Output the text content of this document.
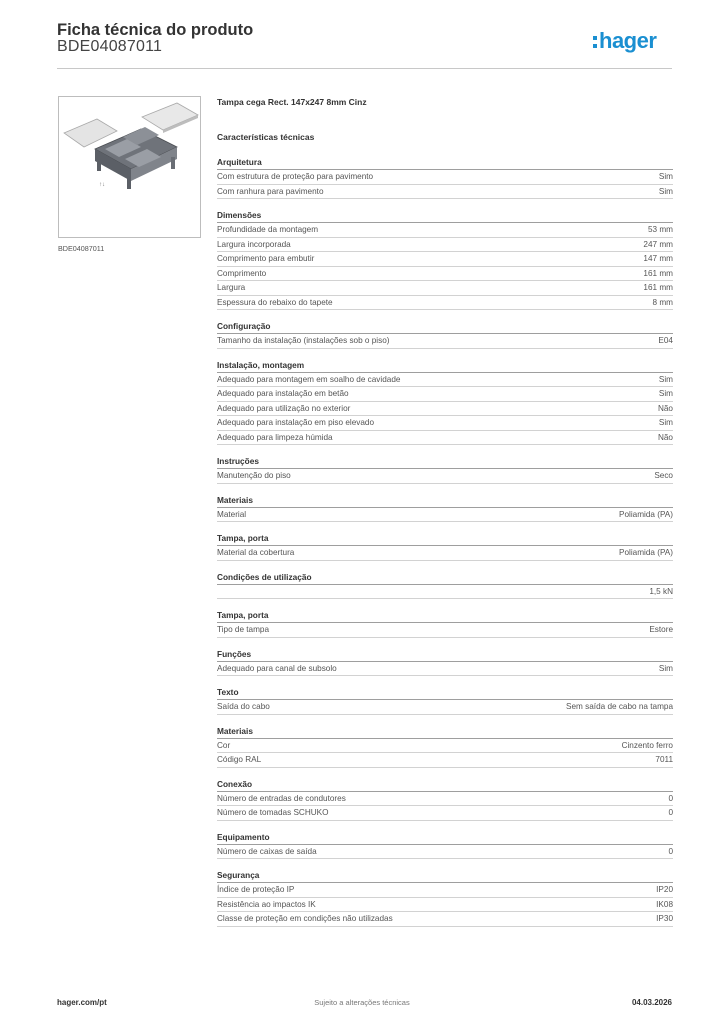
Ficha técnica do produto
BDE04087011	hager
↑↓
BDE04087011
Tampa cega Rect. 147x247 8mm Cinz
Características técnicas
Arquitetura
Com estrutura de proteção para pavimento	Sim
Com ranhura para pavimento	Sim
Dimensões
Profundidade da montagem	53 mm
Largura incorporada	247 mm
Comprimento para embutir	147 mm
Comprimento	161 mm
Largura	161 mm
Espessura do rebaixo do tapete	8 mm
Configuração
Tamanho da instalação (instalações sob o piso)	E04
Instalação, montagem
Adequado para montagem em soalho de cavidade	Sim
Adequado para instalação em betão	Sim
Adequado para utilização no exterior	Não
Adequado para instalação em piso elevado	Sim
Adequado para limpeza húmida	Não
Instruções
Manutenção do piso	Seco
Materiais
Material	Poliamida (PA)
Tampa, porta
Material da cobertura	Poliamida (PA)
Condições de utilização
1,5 kN
Tampa, porta
Tipo de tampa	Estore
Funções
Adequado para canal de subsolo	Sim
Texto
Saída do cabo	Sem saída de cabo na tampa
Materiais
Cor	Cinzento ferro
Código RAL	7011
Conexão
Número de entradas de condutores	0
Número de tomadas SCHUKO	0
Equipamento
Número de caixas de saída	0
Segurança
Índice de proteção IP	IP20
Resistência ao impactos IK	IK08
Classe de proteção em condições não utilizadas	IP30
hager.com/pt	Sujeito a alterações técnicas	04.03.2026
